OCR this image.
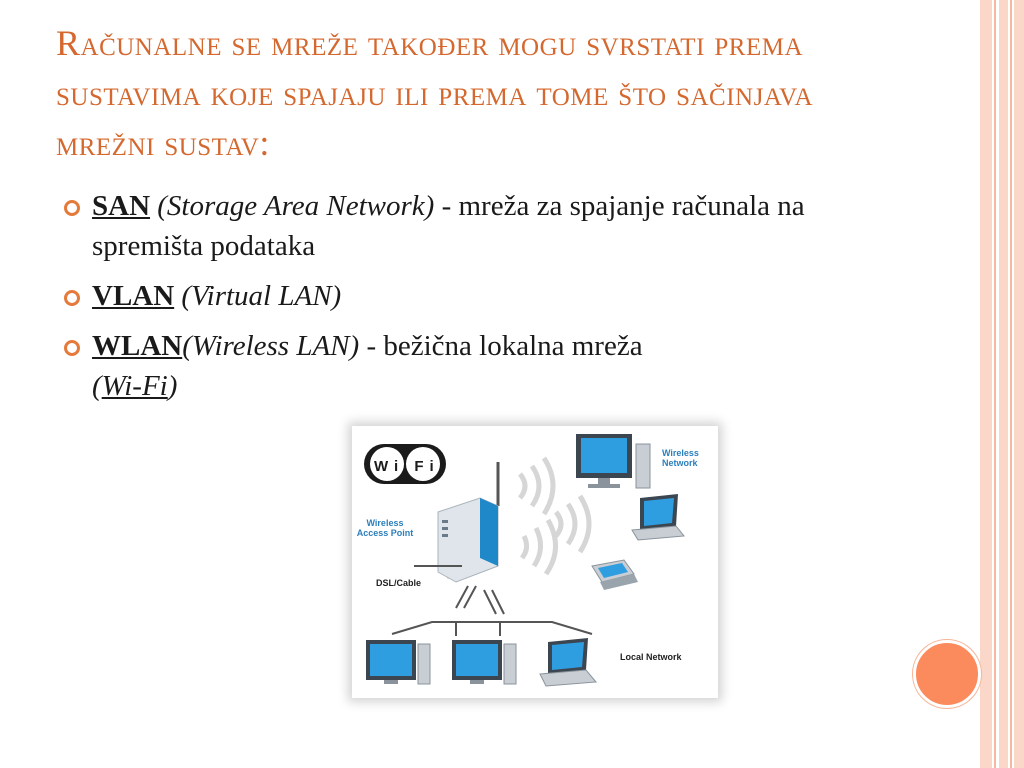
Računalne se mreže također mogu svrstati prema sustavima koje spajaju ili prema tome što sačinjava mrežni sustav:
SAN (Storage Area Network) - mreža za spajanje računala na spremišta podataka
VLAN (Virtual LAN)
WLAN(Wireless LAN) - bežična lokalna mreža
(Wi-Fi)
Wi Fi
Wireless Access Point
Wireless Network
DSL/Cable
Local Network
